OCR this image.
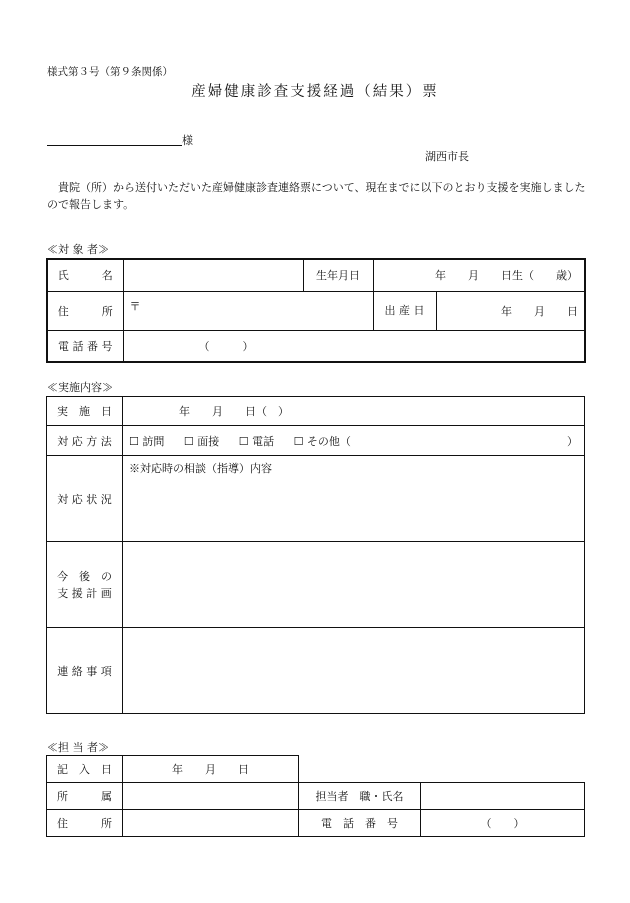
様式第３号（第９条関係）
産婦健康診査支援経過（結果）票
様
湖西市長
貴院（所）から送付いただいた産婦健康診査連絡票について、現在までに以下のとおり支援を実施しましたので報告します。
≪対 象 者≫
氏　　　名		生年月日	年　　月　　日生（　　歳）
住　　　所	〒		出 産 日 年　　月　　日

電 話 番 号	（　　　）		
≪実施内容≫
実　施　日	年　　月　　日（　）
対 応 方 法	☐ 訪問 ☐ 面接 ☐ 電話 ☐ その他（ ）

対 応 状 況	※対応時の相談（指導）内容

今　後　の
支 援 計 画	

連 絡 事 項	
≪担 当 者≫
記　入　日	年　　月　　日		
所　　　属		担当者　職・氏名	
住　　　所		電　話　番　号	（　　）
